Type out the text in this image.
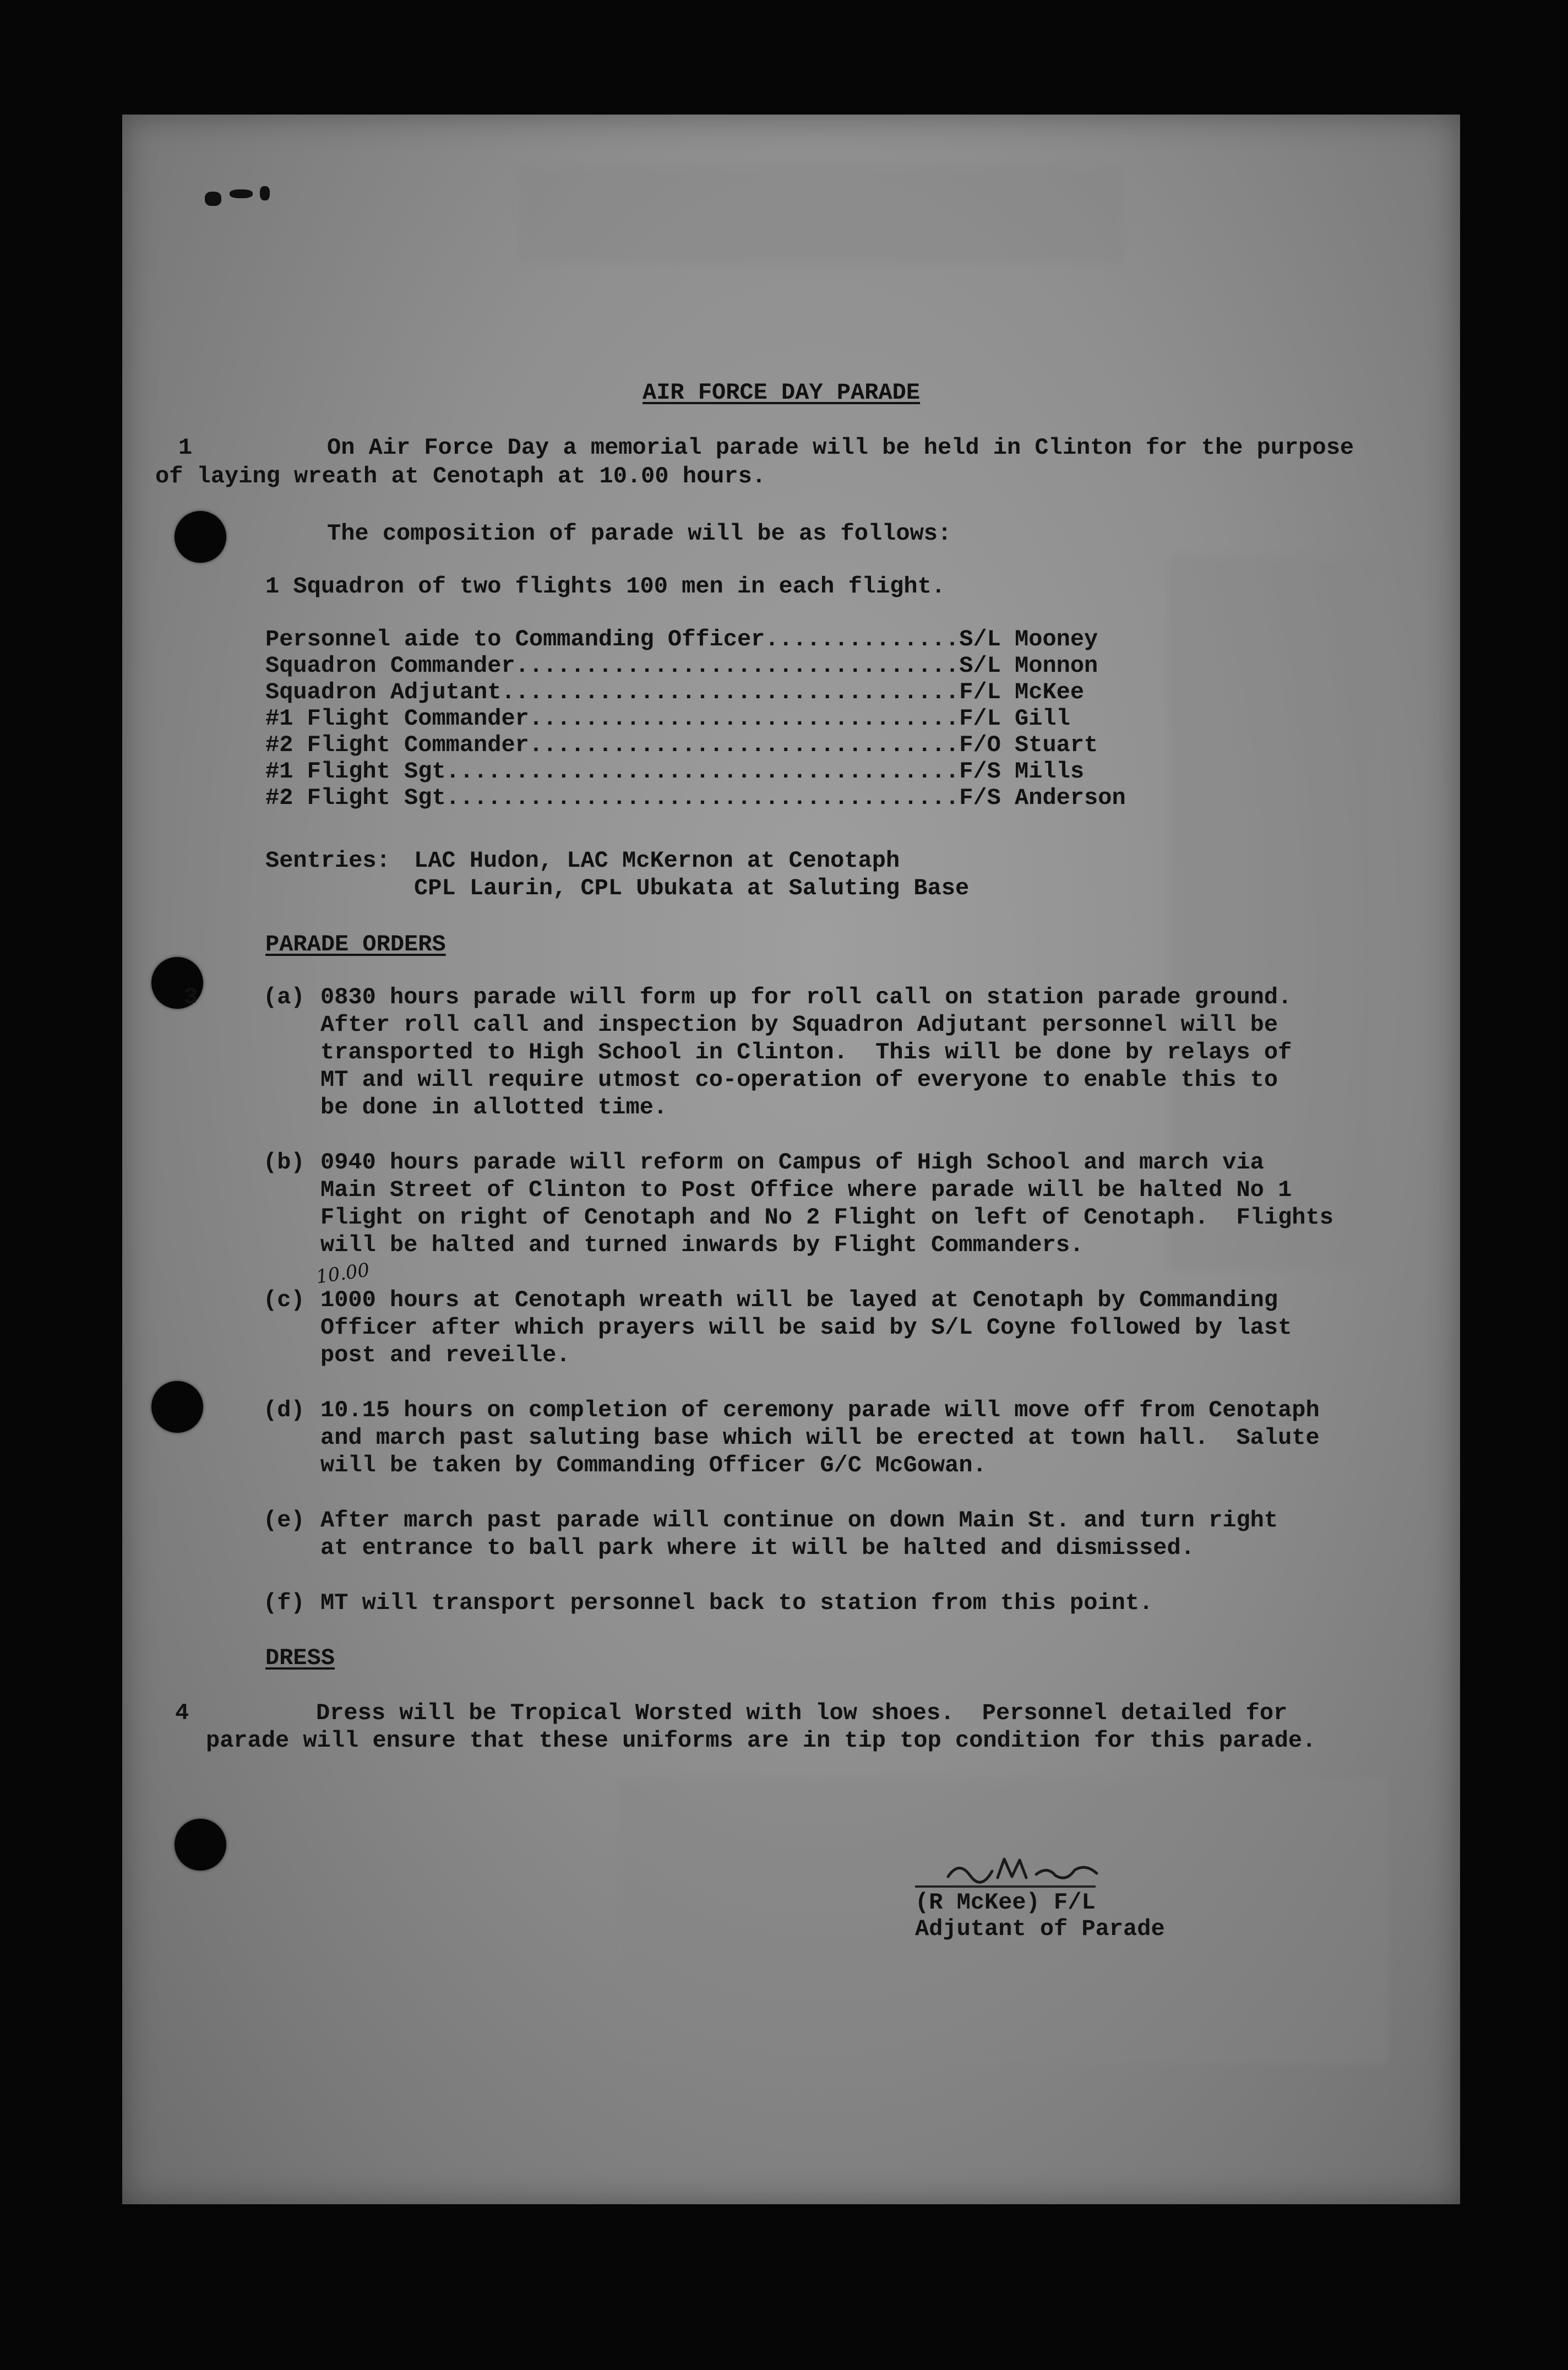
AIR FORCE DAY PARADE

1	On Air Force Day a memorial parade will be held in Clinton for the purpose

of laying wreath at Cenotaph at 10.00 hours.

The composition of parade will be as follows:

1 Squadron of two flights 100 men in each flight.

Personnel aide to Commanding Officer..............S/L Mooney

Squadron Commander................................S/L Monnon

Squadron Adjutant.................................F/L McKee

#1 Flight Commander...............................F/L Gill

#2 Flight Commander...............................F/O Stuart

#1 Flight Sgt.....................................F/S Mills

#2 Flight Sgt.....................................F/S Anderson

Sentries: LAC Hudon, LAC McKernon at Cenotaph

CPL Laurin, CPL Ubukata at Saluting Base

PARADE ORDERS

3	(a) 0830 hours parade will form up for roll call on station parade ground.

After roll call and inspection by Squadron Adjutant personnel will be

transported to High School in Clinton.  This will be done by relays of

MT and will require utmost co-operation of everyone to enable this to

be done in allotted time.

(b) 0940 hours parade will reform on Campus of High School and march via

Main Street of Clinton to Post Office where parade will be halted No 1

Flight on right of Cenotaph and No 2 Flight on left of Cenotaph.  Flights

will be halted and turned inwards by Flight Commanders.

10.00

(c) 1000 hours at Cenotaph wreath will be layed at Cenotaph by Commanding

Officer after which prayers will be said by S/L Coyne followed by last

post and reveille.

(d) 10.15 hours on completion of ceremony parade will move off from Cenotaph

and march past saluting base which will be erected at town hall.  Salute

will be taken by Commanding Officer G/C McGowan.

(e) After march past parade will continue on down Main St. and turn right

at entrance to ball park where it will be halted and dismissed.

(f) MT will transport personnel back to station from this point.

DRESS

4	Dress will be Tropical Worsted with low shoes.  Personnel detailed for

parade will ensure that these uniforms are in tip top condition for this parade.

(R McKee) F/L

Adjutant of Parade
